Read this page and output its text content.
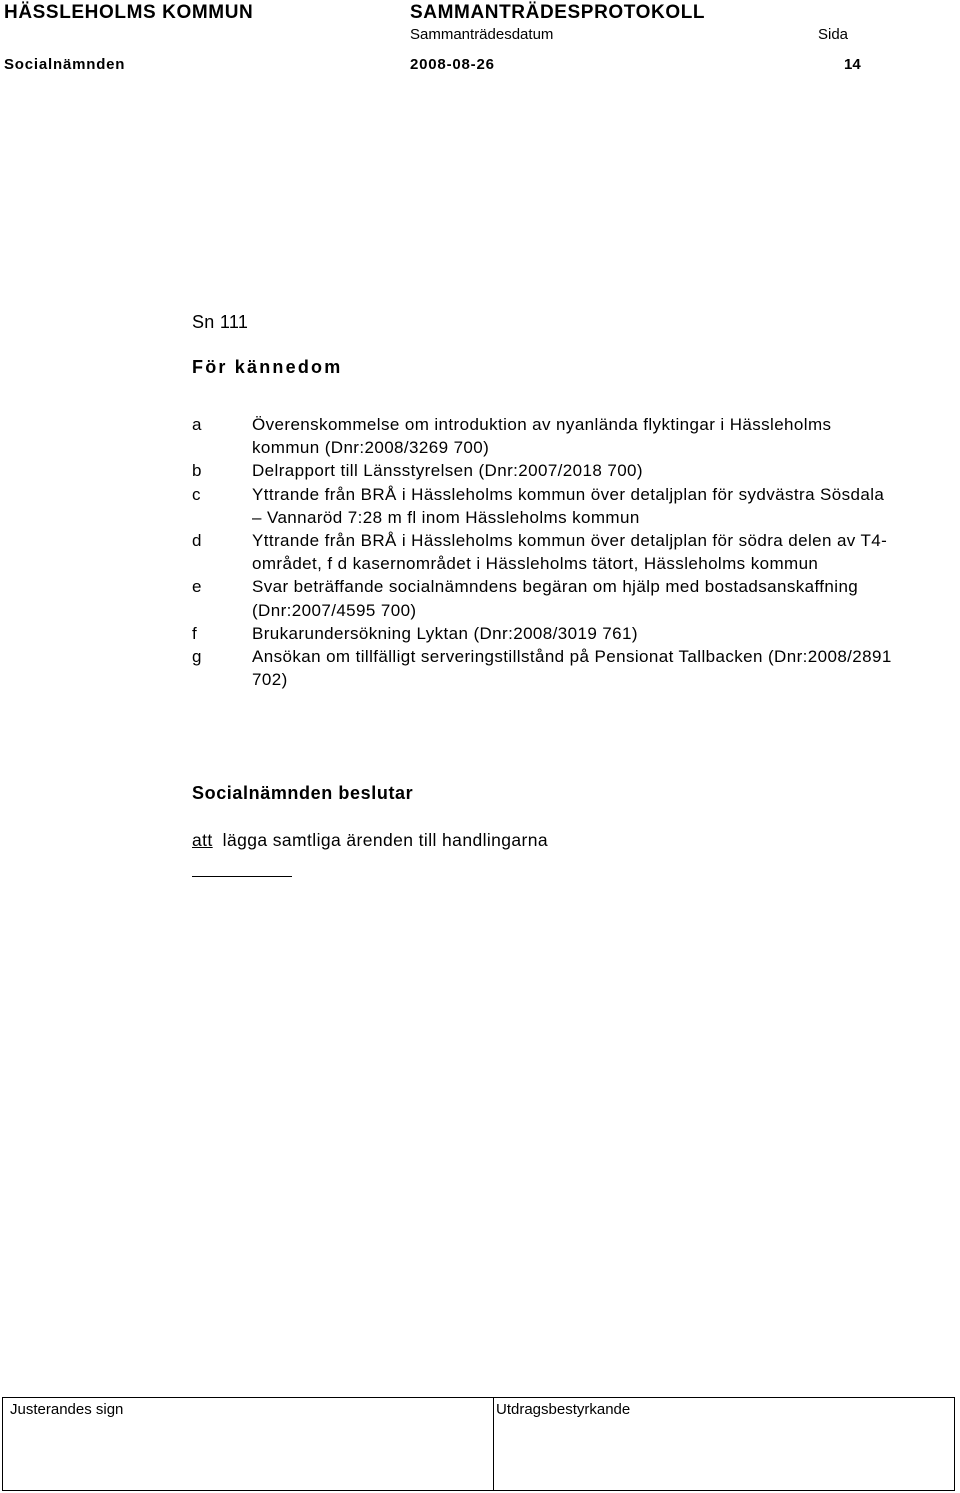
HÄSSLEHOLMS KOMMUN	SAMMANTRÄDESPROTOKOLL
Sammanträdesdatum	Sida
Socialnämnden	2008-08-26	14
Sn 111
För kännedom
a	Överenskommelse om introduktion av nyanlända flyktingar i Hässleholms kommun (Dnr:2008/3269 700)
b	Delrapport till Länsstyrelsen (Dnr:2007/2018 700)
c	Yttrande från BRÅ i Hässleholms kommun över detaljplan för sydvästra Sösdala – Vannaröd 7:28 m fl inom Hässleholms kommun
d	Yttrande från BRÅ i Hässleholms kommun över detaljplan för södra delen av T4-området, f d kasernområdet i Hässleholms tätort, Hässleholms kommun
e	Svar beträffande socialnämndens begäran om hjälp med bostadsanskaffning (Dnr:2007/4595 700)
f	Brukarundersökning Lyktan (Dnr:2008/3019 761)
g	Ansökan om tillfälligt serveringstillstånd på Pensionat Tallbacken (Dnr:2008/2891 702)
Socialnämnden beslutar
att lägga samtliga ärenden till handlingarna
Justerandes sign	Utdragsbestyrkande
